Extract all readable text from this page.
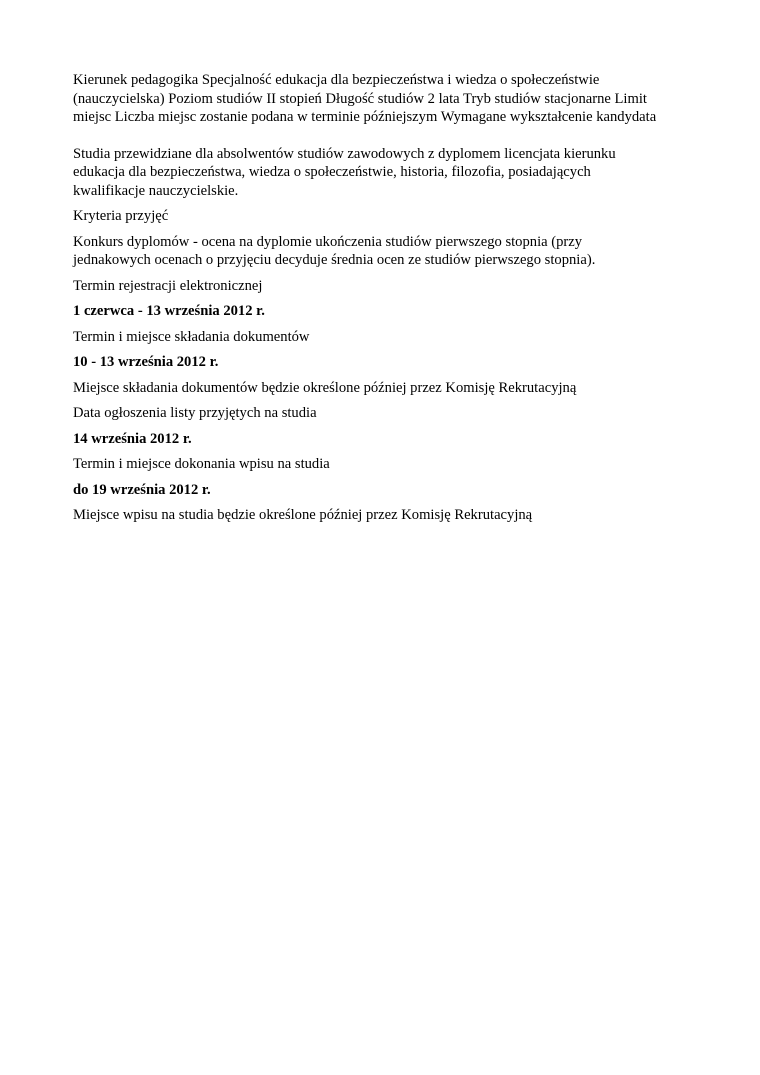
Kierunek pedagogika Specjalność edukacja dla bezpieczeństwa i wiedza o społeczeństwie

(nauczycielska) Poziom studiów II stopień Długość studiów 2 lata Tryb studiów stacjonarne Limit

miejsc Liczba miejsc zostanie podana w terminie późniejszym Wymagane wykształcenie kandydata

Studia przewidziane dla absolwentów studiów zawodowych z dyplomem licencjata kierunku

edukacja dla bezpieczeństwa, wiedza o społeczeństwie, historia, filozofia, posiadających

kwalifikacje nauczycielskie.

Kryteria przyjęć

Konkurs dyplomów - ocena na dyplomie ukończenia studiów pierwszego stopnia (przy

jednakowych ocenach o przyjęciu decyduje średnia ocen ze studiów pierwszego stopnia).

Termin rejestracji elektronicznej

1 czerwca - 13 września 2012 r.

Termin i miejsce składania dokumentów

10 - 13 września 2012 r.

Miejsce składania dokumentów będzie określone później przez Komisję Rekrutacyjną

Data ogłoszenia listy przyjętych na studia

14 września 2012 r.

Termin i miejsce dokonania wpisu na studia

do 19 września 2012 r.

Miejsce wpisu na studia będzie określone później przez Komisję Rekrutacyjną
